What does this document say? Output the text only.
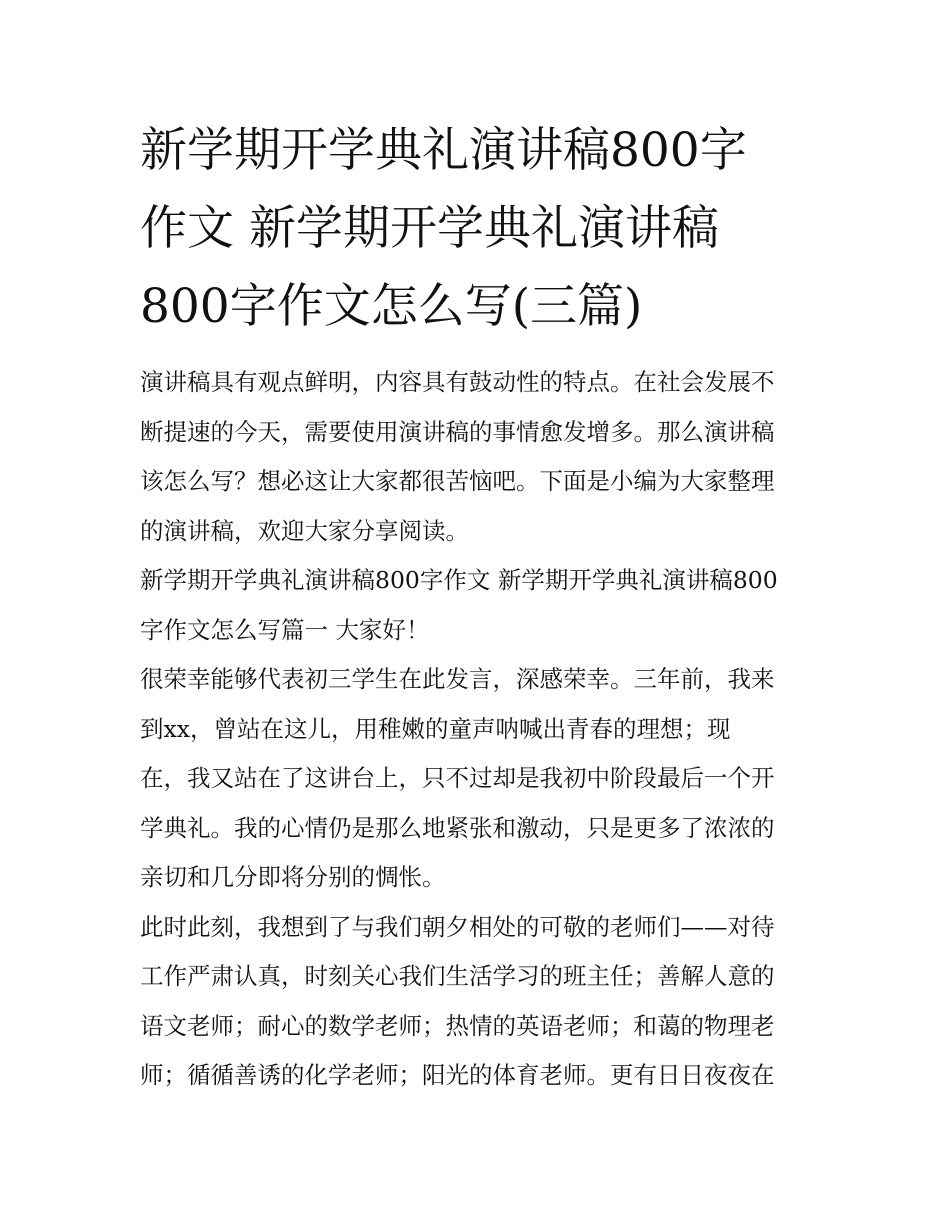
新学期开学典礼演讲稿800字
作文 新学期开学典礼演讲稿
800字作文怎么写(三篇)

演讲稿具有观点鲜明，内容具有鼓动性的特点。在社会发展不

断提速的今天，需要使用演讲稿的事情愈发增多。那么演讲稿

该怎么写？想必这让大家都很苦恼吧。下面是小编为大家整理

的演讲稿，欢迎大家分享阅读。

新学期开学典礼演讲稿800字作文 新学期开学典礼演讲稿800

字作文怎么写篇一 大家好！

很荣幸能够代表初三学生在此发言，深感荣幸。三年前，我来

到xx，曾站在这儿，用稚嫩的童声呐喊出青春的理想；现

在，我又站在了这讲台上，只不过却是我初中阶段最后一个开

学典礼。我的心情仍是那么地紧张和激动，只是更多了浓浓的

亲切和几分即将分别的惆怅。

此时此刻，我想到了与我们朝夕相处的可敬的老师们——对待

工作严肃认真，时刻关心我们生活学习的班主任；善解人意的

语文老师；耐心的数学老师；热情的英语老师；和蔼的物理老

师；循循善诱的化学老师；阳光的体育老师。更有日日夜夜在
